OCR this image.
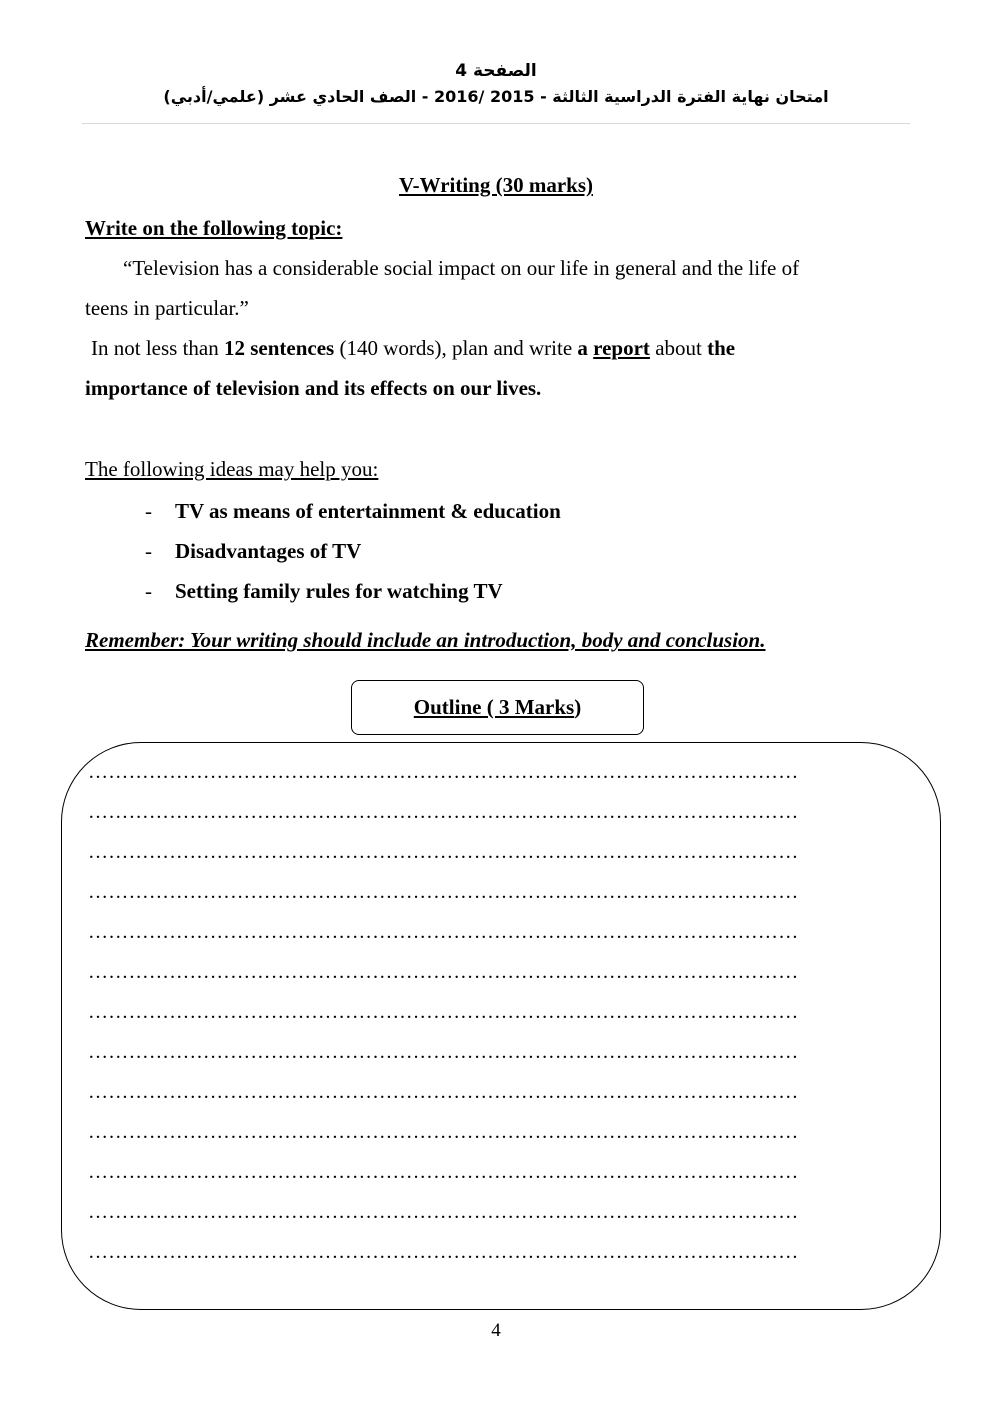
الصفحة 4
امتحان نهاية الفترة الدراسية الثالثة - 2015 /2016 - الصف الحادي عشر (علمي/أدبي)
V-Writing (30 marks)
Write on the following topic:
“Television has a considerable social impact on our life in general and the life of
teens in particular.”
In not less than 12 sentences (140 words), plan and write a report about the
importance of television and its effects on our lives.
The following ideas may help you:
-	TV as means of entertainment & education
-	Disadvantages of TV
-	Setting family rules for watching TV
Remember: Your writing should include an introduction, body and conclusion.
Outline ( 3 Marks )
……………………………………………………………………………………………
……………………………………………………………………………………………
……………………………………………………………………………………………
……………………………………………………………………………………………
……………………………………………………………………………………………
……………………………………………………………………………………………
……………………………………………………………………………………………
……………………………………………………………………………………………
……………………………………………………………………………………………
……………………………………………………………………………………………
……………………………………………………………………………………………
……………………………………………………………………………………………
……………………………………………………………………………………………
4
